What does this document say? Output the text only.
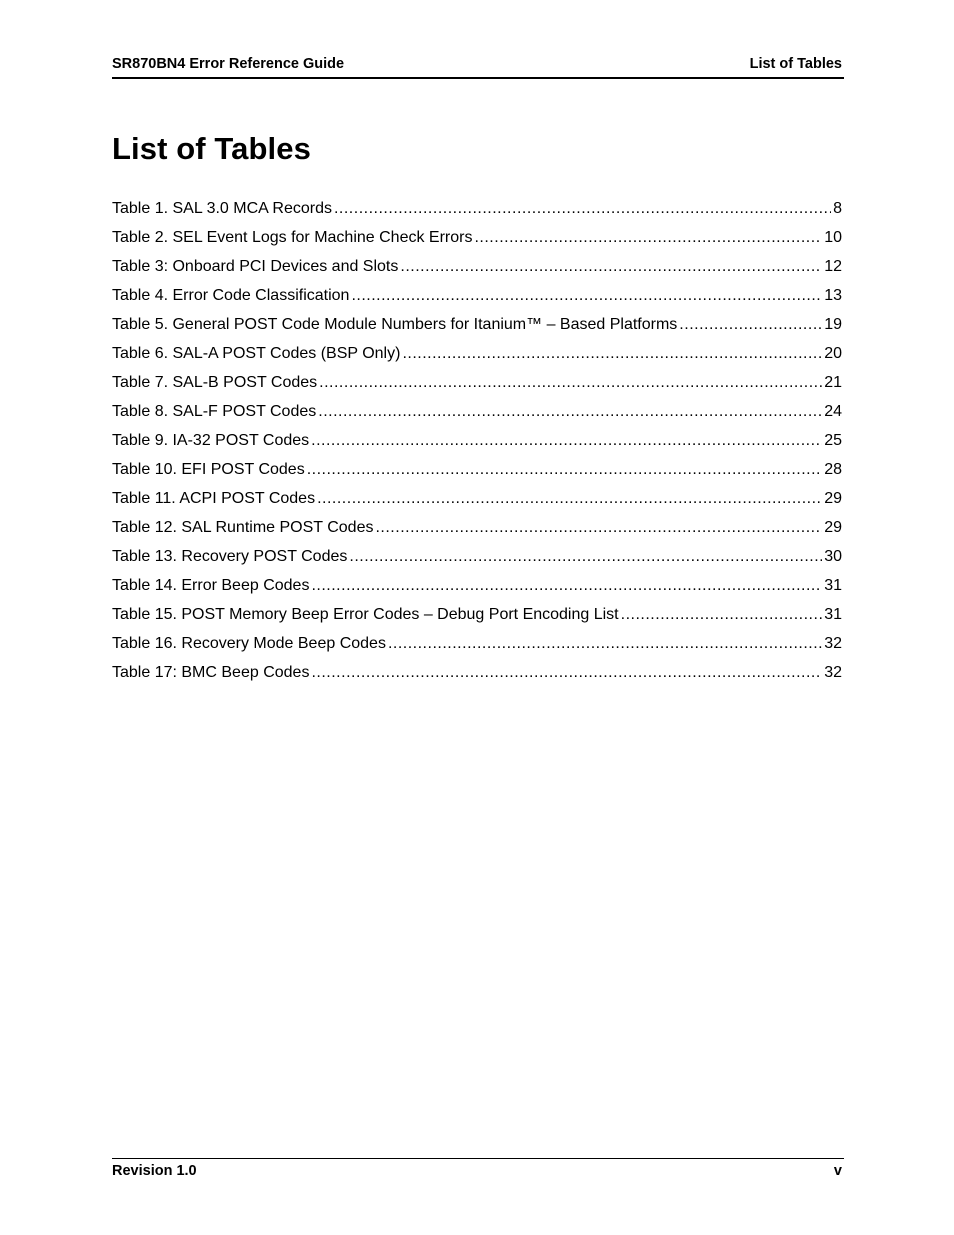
SR870BN4 Error Reference Guide	List of Tables
List of Tables
Table 1. SAL 3.0 MCA Records .....	8
Table 2. SEL Event Logs for Machine Check Errors .....	10
Table 3: Onboard PCI Devices and Slots .....	12
Table 4. Error Code Classification .....	13
Table 5. General POST Code Module Numbers for Itanium™ – Based Platforms .....	19
Table 6. SAL-A POST Codes (BSP Only) .....	20
Table 7. SAL-B POST Codes .....	21
Table 8. SAL-F POST Codes .....	24
Table 9. IA-32 POST Codes .....	25
Table 10. EFI POST Codes .....	28
Table 11. ACPI POST Codes .....	29
Table 12. SAL Runtime POST Codes .....	29
Table 13. Recovery POST Codes .....	30
Table 14. Error Beep Codes .....	31
Table 15. POST Memory Beep Error Codes – Debug Port Encoding List .....	31
Table 16. Recovery Mode Beep Codes .....	32
Table 17: BMC Beep Codes .....	32
Revision 1.0	v
